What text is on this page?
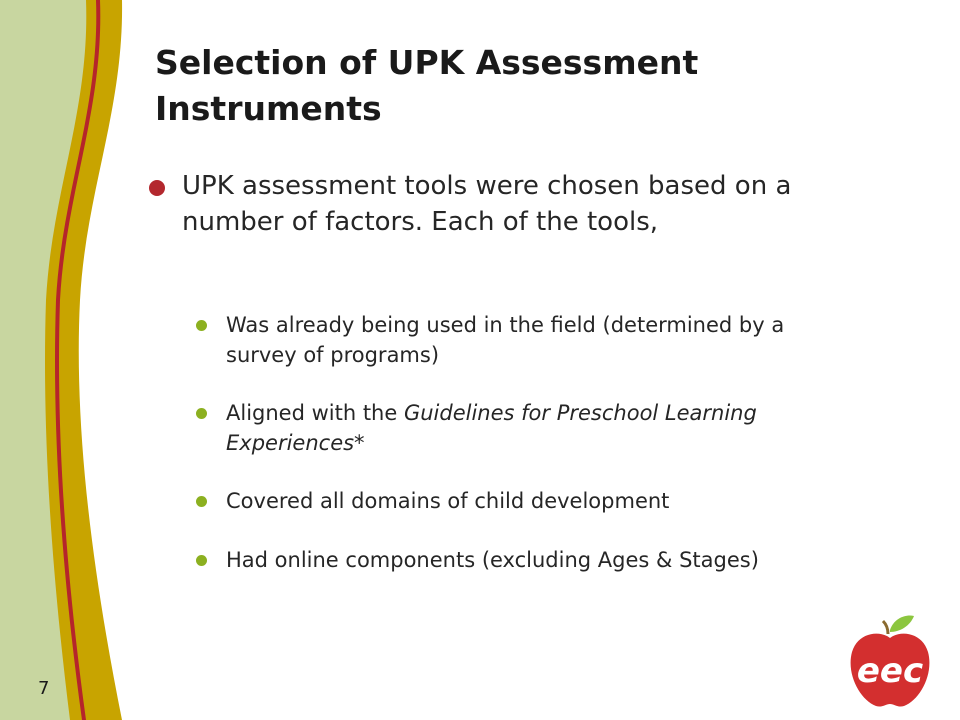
Selection of UPK Assessment Instruments

UPK assessment tools were chosen based on a number of factors. Each of the tools,

Was already being used in the field (determined by a survey of programs)

Aligned with the Guidelines for Preschool Learning Experiences*

Covered all domains of child development

Had online components (excluding Ages & Stages)

7	eec
